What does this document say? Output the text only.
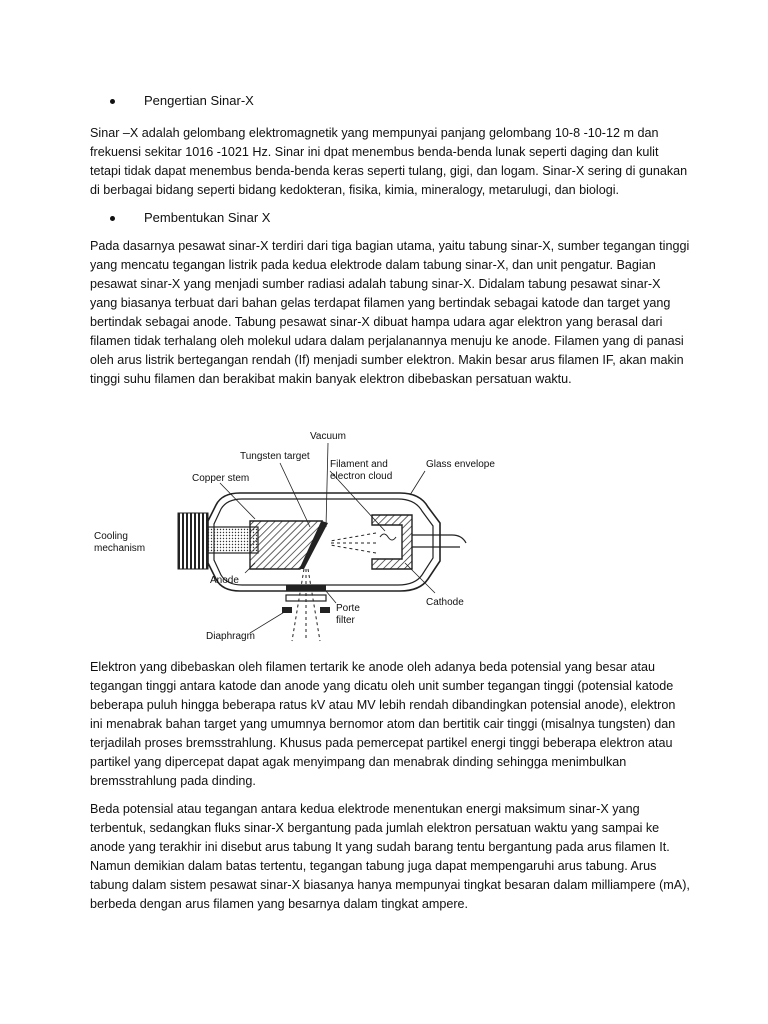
Pengertian Sinar-X

Sinar –X adalah gelombang elektromagnetik yang mempunyai panjang gelombang 10-8 -10-12 m dan frekuensi sekitar 1016 -1021 Hz. Sinar ini dpat menembus benda-benda lunak seperti daging dan kulit tetapi tidak dapat menembus benda-benda keras seperti tulang, gigi, dan logam. Sinar-X sering di gunakan di berbagai bidang seperti bidang kedokteran, fisika, kimia, mineralogy, metarulugi, dan biologi.

Pembentukan Sinar X

Pada dasarnya pesawat sinar-X terdiri dari tiga bagian utama, yaitu tabung sinar-X, sumber tegangan tinggi yang mencatu tegangan listrik pada kedua elektrode dalam tabung sinar-X, dan unit pengatur. Bagian pesawat sinar-X yang menjadi sumber radiasi adalah tabung sinar-X. Didalam tabung pesawat sinar-X yang biasanya terbuat dari bahan gelas terdapat filamen yang bertindak sebagai katode dan target yang bertindak sebagai anode. Tabung pesawat sinar-X dibuat hampa udara agar elektron yang berasal dari filamen tidak terhalang oleh molekul udara dalam perjalanannya menuju ke anode. Filamen yang di panasi oleh arus listrik bertegangan rendah (If) menjadi sumber elektron. Makin besar arus filamen IF, akan makin tinggi suhu filamen dan berakibat makin banyak elektron dibebaskan persatuan waktu.

Vacuum
Tungsten target
Filament and
electron cloud
Glass envelope
Copper stem
Cooling
mechanism
Anode
Cathode
Porte
filter
Diaphragm

Elektron yang dibebaskan oleh filamen tertarik ke anode oleh adanya beda potensial yang besar atau tegangan tinggi antara katode dan anode yang dicatu oleh unit sumber tegangan tinggi (potensial katode beberapa puluh hingga beberapa ratus kV atau MV lebih rendah dibandingkan potensial anode), elektron ini menabrak bahan target yang umumnya bernomor atom dan bertitik cair tinggi (misalnya tungsten) dan terjadilah proses bremsstrahlung. Khusus pada pemercepat partikel energi tinggi beberapa elektron atau partikel yang dipercepat dapat agak menyimpang dan menabrak dinding sehingga menimbulkan bremsstrahlung pada dinding.

Beda potensial atau tegangan antara kedua elektrode menentukan energi maksimum sinar-X yang terbentuk, sedangkan fluks sinar-X bergantung pada jumlah elektron persatuan waktu yang sampai ke anode yang terakhir ini disebut arus tabung It yang sudah barang tentu bergantung pada arus filamen It. Namun demikian dalam batas tertentu, tegangan tabung juga dapat mempengaruhi arus tabung. Arus tabung dalam sistem pesawat sinar-X biasanya hanya mempunyai tingkat besaran dalam milliampere (mA), berbeda dengan arus filamen yang besarnya dalam tingkat ampere.
